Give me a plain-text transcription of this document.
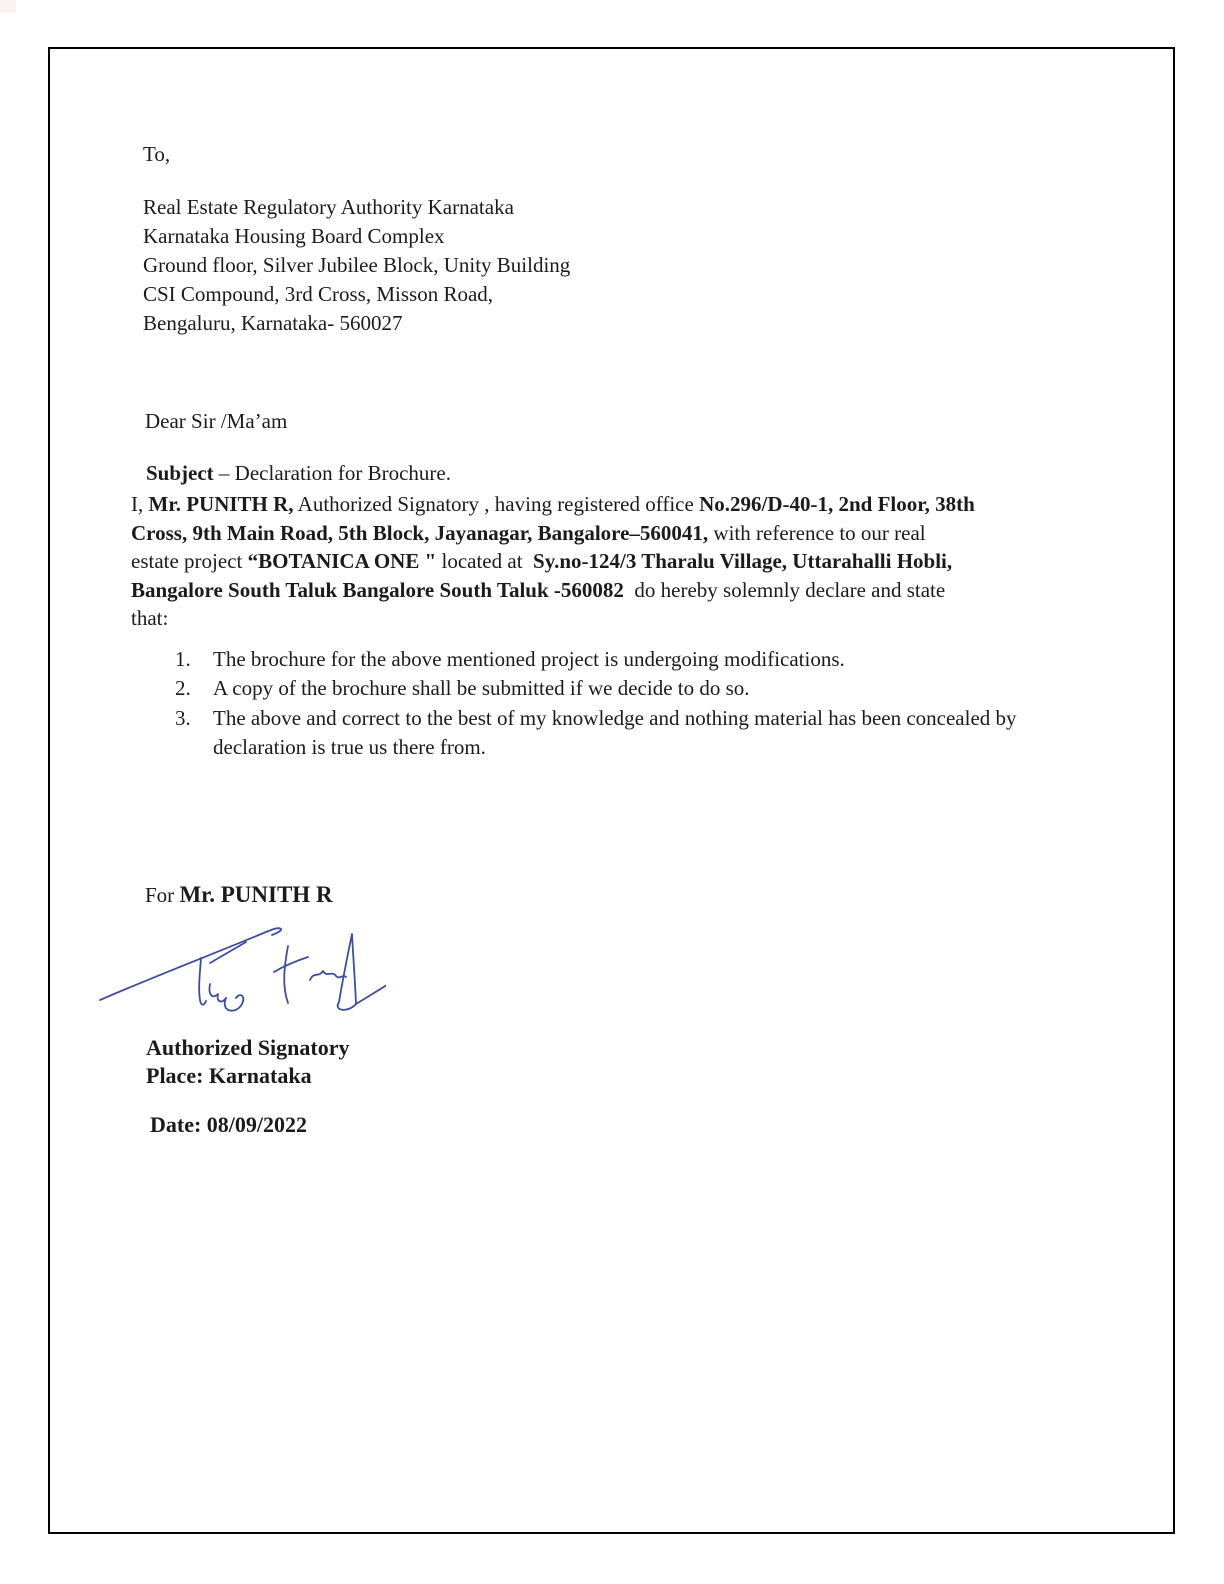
To,
Real Estate Regulatory Authority Karnataka
Karnataka Housing Board Complex
Ground floor, Silver Jubilee Block, Unity Building
CSI Compound, 3rd Cross, Misson Road,
Bengaluru, Karnataka- 560027
Dear Sir /Ma’am
Subject – Declaration for Brochure.
I, Mr. PUNITH R, Authorized Signatory , having registered office No.296/D-40-1, 2nd Floor, 38th
Cross, 9th Main Road, 5th Block, Jayanagar, Bangalore–560041, with reference to our real
estate project “BOTANICA ONE " located at  Sy.no-124/3 Tharalu Village, Uttarahalli Hobli,
Bangalore South Taluk Bangalore South Taluk -560082  do hereby solemnly declare and state
that:
The brochure for the above mentioned project is undergoing modifications.
A copy of the brochure shall be submitted if we decide to do so.
The above and correct to the best of my knowledge and nothing material has been concealed by declaration is true us there from.
For Mr. PUNITH R
Authorized Signatory
Place: Karnataka
Date: 08/09/2022
